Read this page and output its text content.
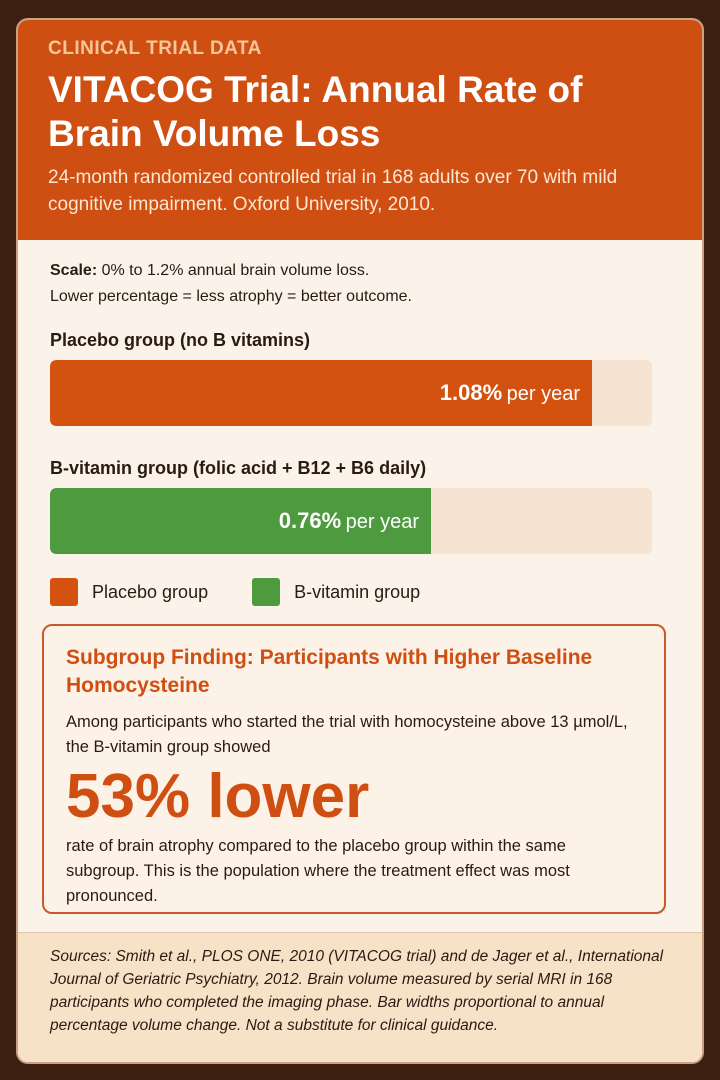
CLINICAL TRIAL DATA
VITACOG Trial: Annual Rate of Brain Volume Loss
24-month randomized controlled trial in 168 adults over 70 with mild cognitive impairment. Oxford University, 2010.
Scale: 0% to 1.2% annual brain volume loss.
Lower percentage = less atrophy = better outcome.
Placebo group (no B vitamins)
1.08% per year
B-vitamin group (folic acid + B12 + B6 daily)
0.76% per year
Placebo group	B-vitamin group
Subgroup Finding: Participants with Higher Baseline Homocysteine
Among participants who started the trial with homocysteine above 13 µmol/L, the B-vitamin group showed
53% lower
rate of brain atrophy compared to the placebo group within the same subgroup. This is the population where the treatment effect was most pronounced.
Sources: Smith et al., PLOS ONE, 2010 (VITACOG trial) and de Jager et al., International Journal of Geriatric Psychiatry, 2012. Brain volume measured by serial MRI in 168 participants who completed the imaging phase. Bar widths proportional to annual percentage volume change. Not a substitute for clinical guidance.
